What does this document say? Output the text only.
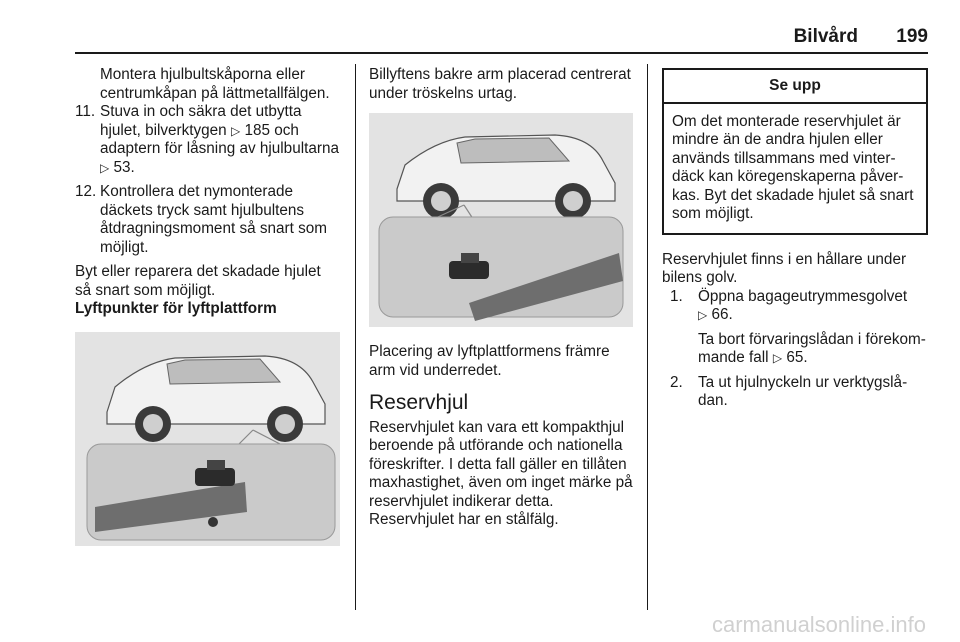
Bilvård 199

Montera hjulbultskåporna eller centrumkåpan på lättmetallfälgen.

11. Stuva in och säkra det utbytta hjulet, bilverktygen ▷ 185 och adaptern för låsning av hjulbultarna ▷ 53.
12. Kontrollera det nymonterade däckets tryck samt hjulbultens åtdragningsmoment så snart som möjligt.

Byt eller reparera det skadade hjulet så snart som möjligt.

Lyftpunkter för lyftplattform

Billyftens bakre arm placerad centrerat under tröskelns urtag.

Placering av lyftplattformens främre arm vid underredet.

Reservhjul

Reservhjulet kan vara ett kompakthjul beroende på utförande och nationella föreskrifter. I detta fall gäller en tillåten maxhastighet, även om inget märke på reservhjulet indikerar detta.

Reservhjulet har en stålfälg.

Se upp
Om det monterade reservhjulet är mindre än de andra hjulen eller används tillsammans med vinterdäck kan köregenskaperna påverkas. Byt det skadade hjulet så snart som möjligt.

Reservhjulet finns i en hållare under bilens golv.

1. Öppna bagageutrymmesgolvet
▷ 66.

Ta bort förvaringslådan i förekommande fall ▷ 65.

2. Ta ut hjulnyckeln ur verktygslådan.
carmanualsonline.info
